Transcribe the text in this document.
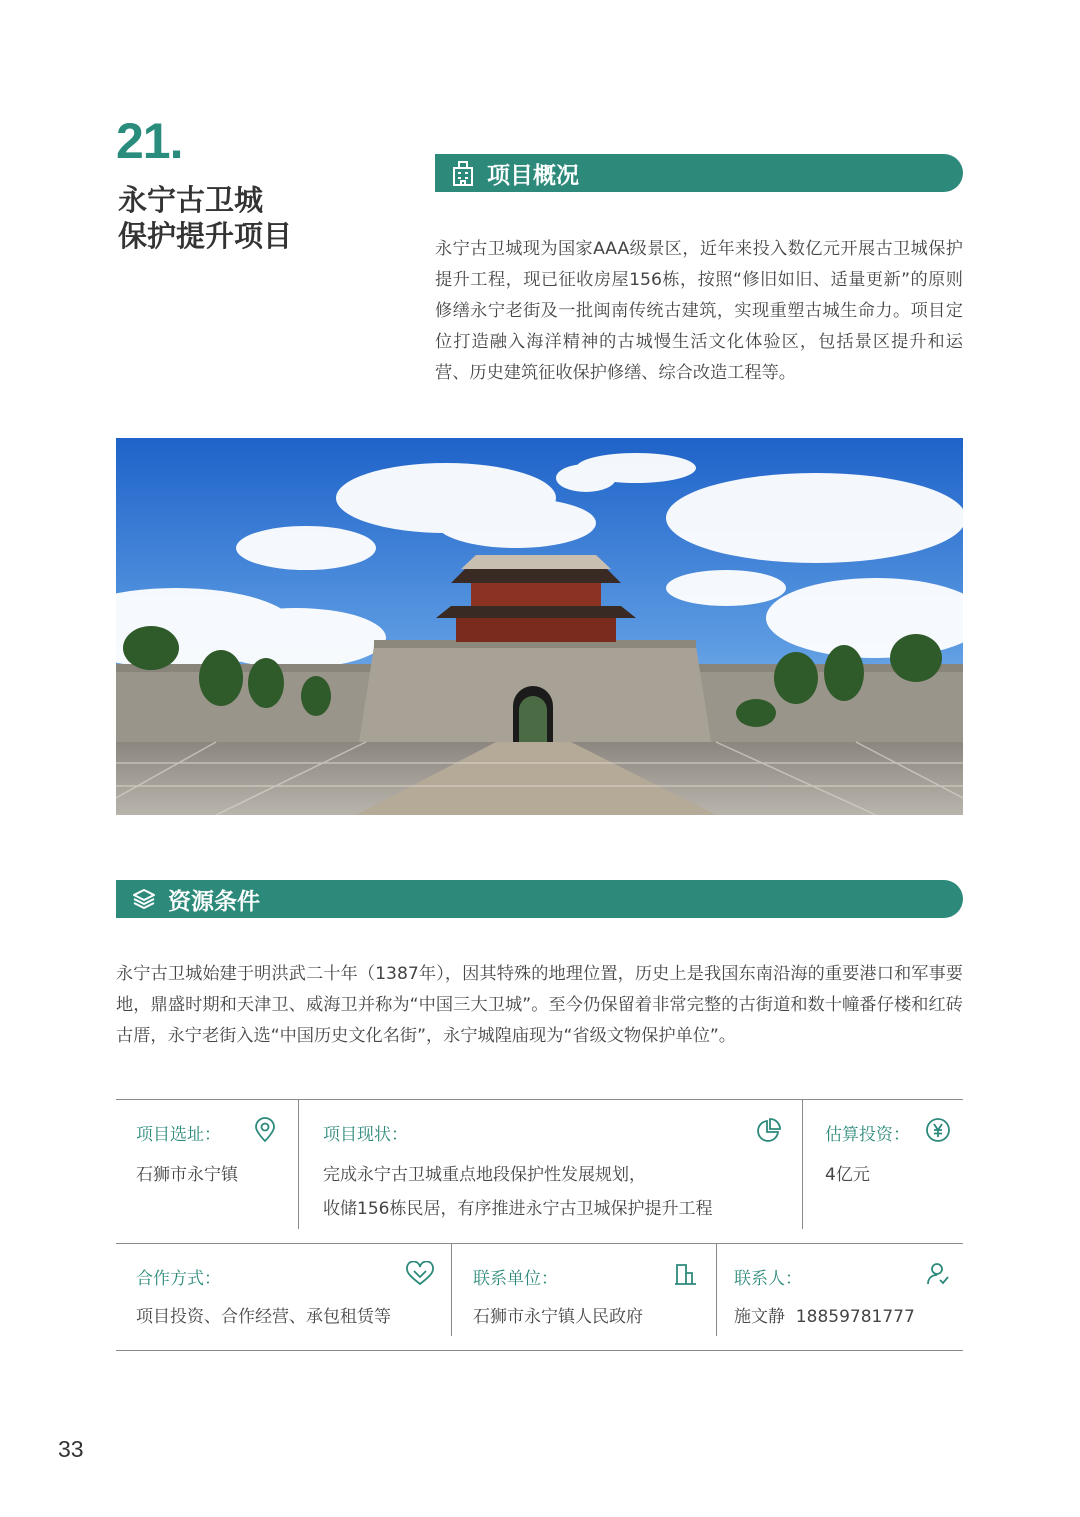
21.
永宁古卫城
保护提升项目
项目概况
永宁古卫城现为国家AAA级景区，近年来投入数亿元开展古卫城保护提升工程，现已征收房屋156栋，按照“修旧如旧、适量更新”的原则修缮永宁老街及一批闽南传统古建筑，实现重塑古城生命力。项目定位打造融入海洋精神的古城慢生活文化体验区，包括景区提升和运营、历史建筑征收保护修缮、综合改造工程等。
资源条件
永宁古卫城始建于明洪武二十年（1387年），因其特殊的地理位置，历史上是我国东南沿海的重要港口和军事要地，鼎盛时期和天津卫、威海卫并称为“中国三大卫城”。至今仍保留着非常完整的古街道和数十幢番仔楼和红砖古厝，永宁老街入选“中国历史文化名街”，永宁城隍庙现为“省级文物保护单位”。
项目选址：
石狮市永宁镇
项目现状：
完成永宁古卫城重点地段保护性发展规划，
收储156栋民居，有序推进永宁古卫城保护提升工程
估算投资：
4亿元
合作方式：
项目投资、合作经营、承包租赁等
联系单位：
石狮市永宁镇人民政府
联系人：
施文静  18859781777
33
